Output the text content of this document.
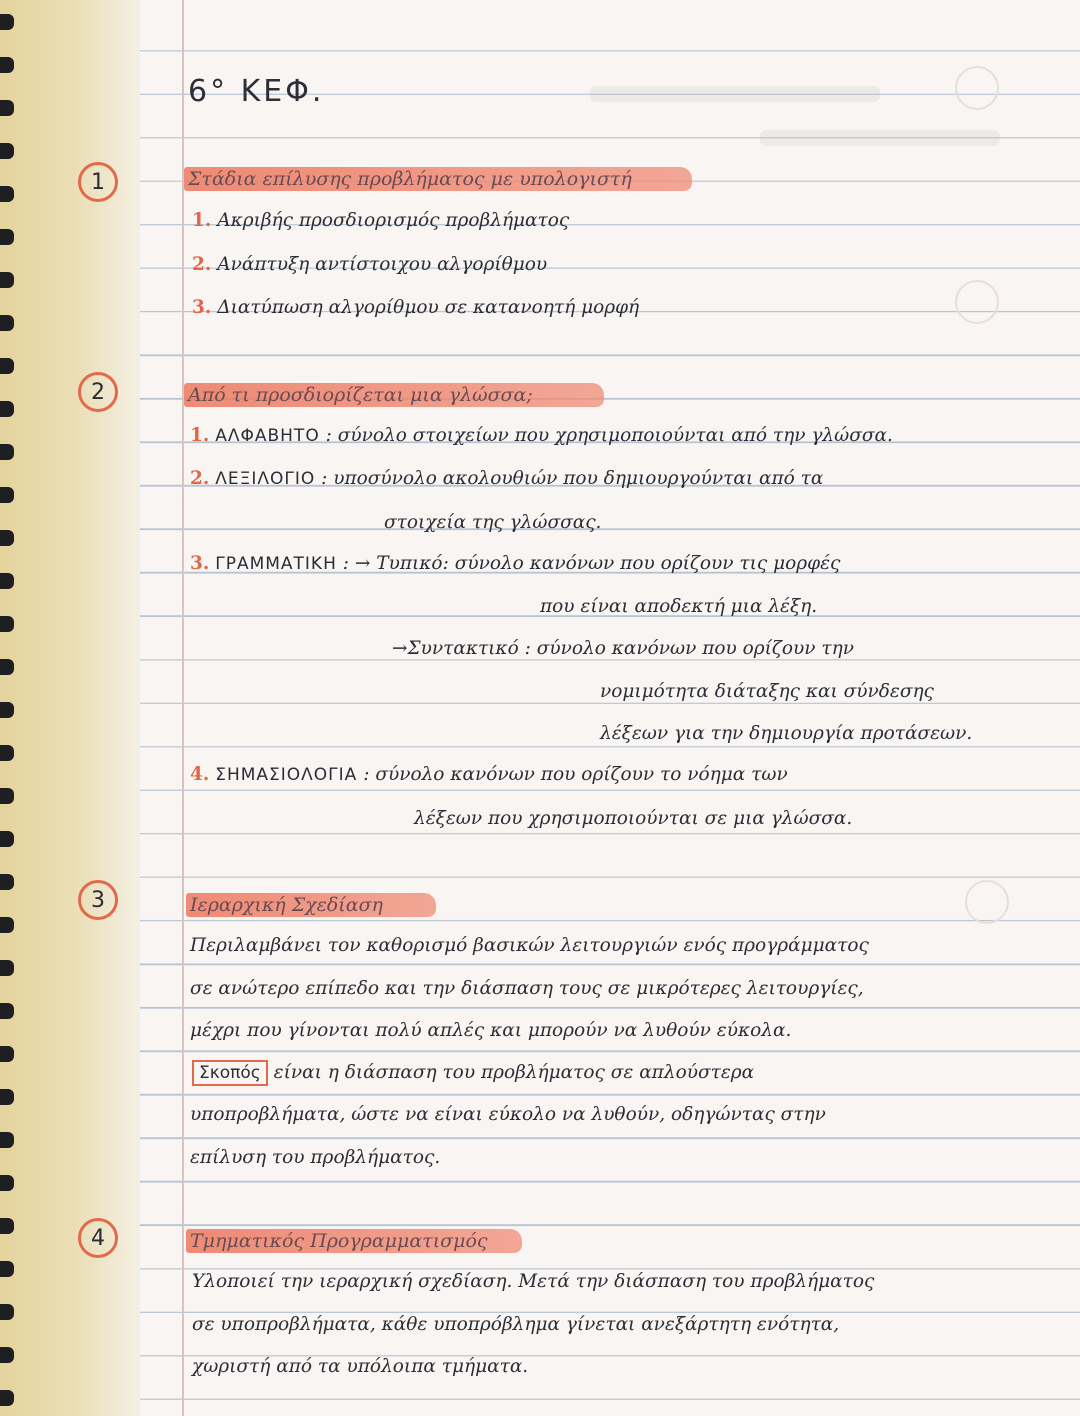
6° ΚΕΦ.
1	Στάδια επίλυσης προβλήματος με υπολογιστή
1. Ακριβής προσδιορισμός προβλήματος
2. Ανάπτυξη αντίστοιχου αλγορίθμου
3. Διατύπωση αλγορίθμου σε κατανοητή μορφή
2	Από τι προσδιορίζεται μια γλώσσα;
1. ΑΛΦΑΒΗΤΟ : σύνολο στοιχείων που χρησιμοποιούνται από την γλώσσα.
2. ΛΕΞΙΛΟΓΙΟ : υποσύνολο ακολουθιών που δημιουργούνται από τα
στοιχεία της γλώσσας.
3. ΓΡΑΜΜΑΤΙΚΗ : → Τυπικό: σύνολο κανόνων που ορίζουν τις μορφές
που είναι αποδεκτή μια λέξη.
→Συντακτικό : σύνολο κανόνων που ορίζουν την
νομιμότητα διάταξης και σύνδεσης
λέξεων για την δημιουργία προτάσεων.
4. ΣΗΜΑΣΙΟΛΟΓΙΑ : σύνολο κανόνων που ορίζουν το νόημα των
λέξεων που χρησιμοποιούνται σε μια γλώσσα.
3	Ιεραρχική Σχεδίαση
Περιλαμβάνει τον καθορισμό βασικών λειτουργιών ενός προγράμματος
σε ανώτερο επίπεδο και την διάσπαση τους σε μικρότερες λειτουργίες,
μέχρι που γίνονται πολύ απλές και μπορούν να λυθούν εύκολα.
Σκοπός είναι η διάσπαση του προβλήματος σε απλούστερα
υποπροβλήματα, ώστε να είναι εύκολο να λυθούν, οδηγώντας στην
επίλυση του προβλήματος.
4	Τμηματικός Προγραμματισμός
Υλοποιεί την ιεραρχική σχεδίαση. Μετά την διάσπαση του προβλήματος
σε υποπροβλήματα, κάθε υποπρόβλημα γίνεται ανεξάρτητη ενότητα,
χωριστή από τα υπόλοιπα τμήματα.
